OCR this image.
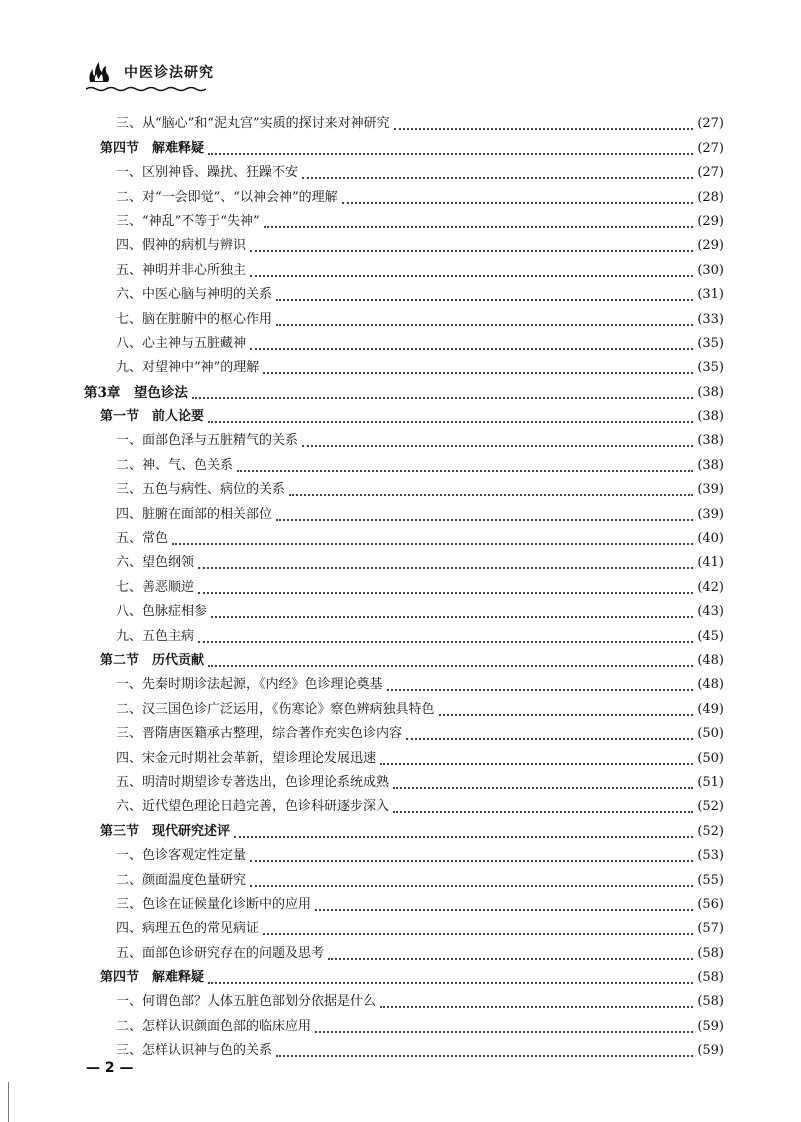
中医诊法研究
三、从“脑心”和“泥丸宫”实质的探讨来对神研究	(27)
第四节　解难释疑	(27)
一、区别神昏、躁扰、狂躁不安	(27)
二、对“一会即觉”、“以神会神”的理解	(28)
三、“神乱”不等于“失神”	(29)
四、假神的病机与辨识	(29)
五、神明并非心所独主	(30)
六、中医心脑与神明的关系	(31)
七、脑在脏腑中的枢心作用	(33)
八、心主神与五脏藏神	(35)
九、对望神中“神”的理解	(35)
第3章　望色诊法	(38)
第一节　前人论要	(38)
一、面部色泽与五脏精气的关系	(38)
二、神、气、色关系	(38)
三、五色与病性、病位的关系	(39)
四、脏腑在面部的相关部位	(39)
五、常色	(40)
六、望色纲领	(41)
七、善恶顺逆	(42)
八、色脉症相参	(43)
九、五色主病	(45)
第二节　历代贡献	(48)
一、先秦时期诊法起源，《内经》色诊理论奠基	(48)
二、汉三国色诊广泛运用，《伤寒论》察色辨病独具特色	(49)
三、晋隋唐医籍承古整理，综合著作充实色诊内容	(50)
四、宋金元时期社会革新，望诊理论发展迅速	(50)
五、明清时期望诊专著迭出，色诊理论系统成熟	(51)
六、近代望色理论日趋完善，色诊科研逐步深入	(52)
第三节　现代研究述评	(52)
一、色诊客观定性定量	(53)
二、颜面温度色量研究	(55)
三、色诊在证候量化诊断中的应用	(56)
四、病理五色的常见病证	(57)
五、面部色诊研究存在的问题及思考	(58)
第四节　解难释疑	(58)
一、何谓色部？人体五脏色部划分依据是什么	(58)
二、怎样认识颜面色部的临床应用	(59)
三、怎样认识神与色的关系	(59)
— 2 —
